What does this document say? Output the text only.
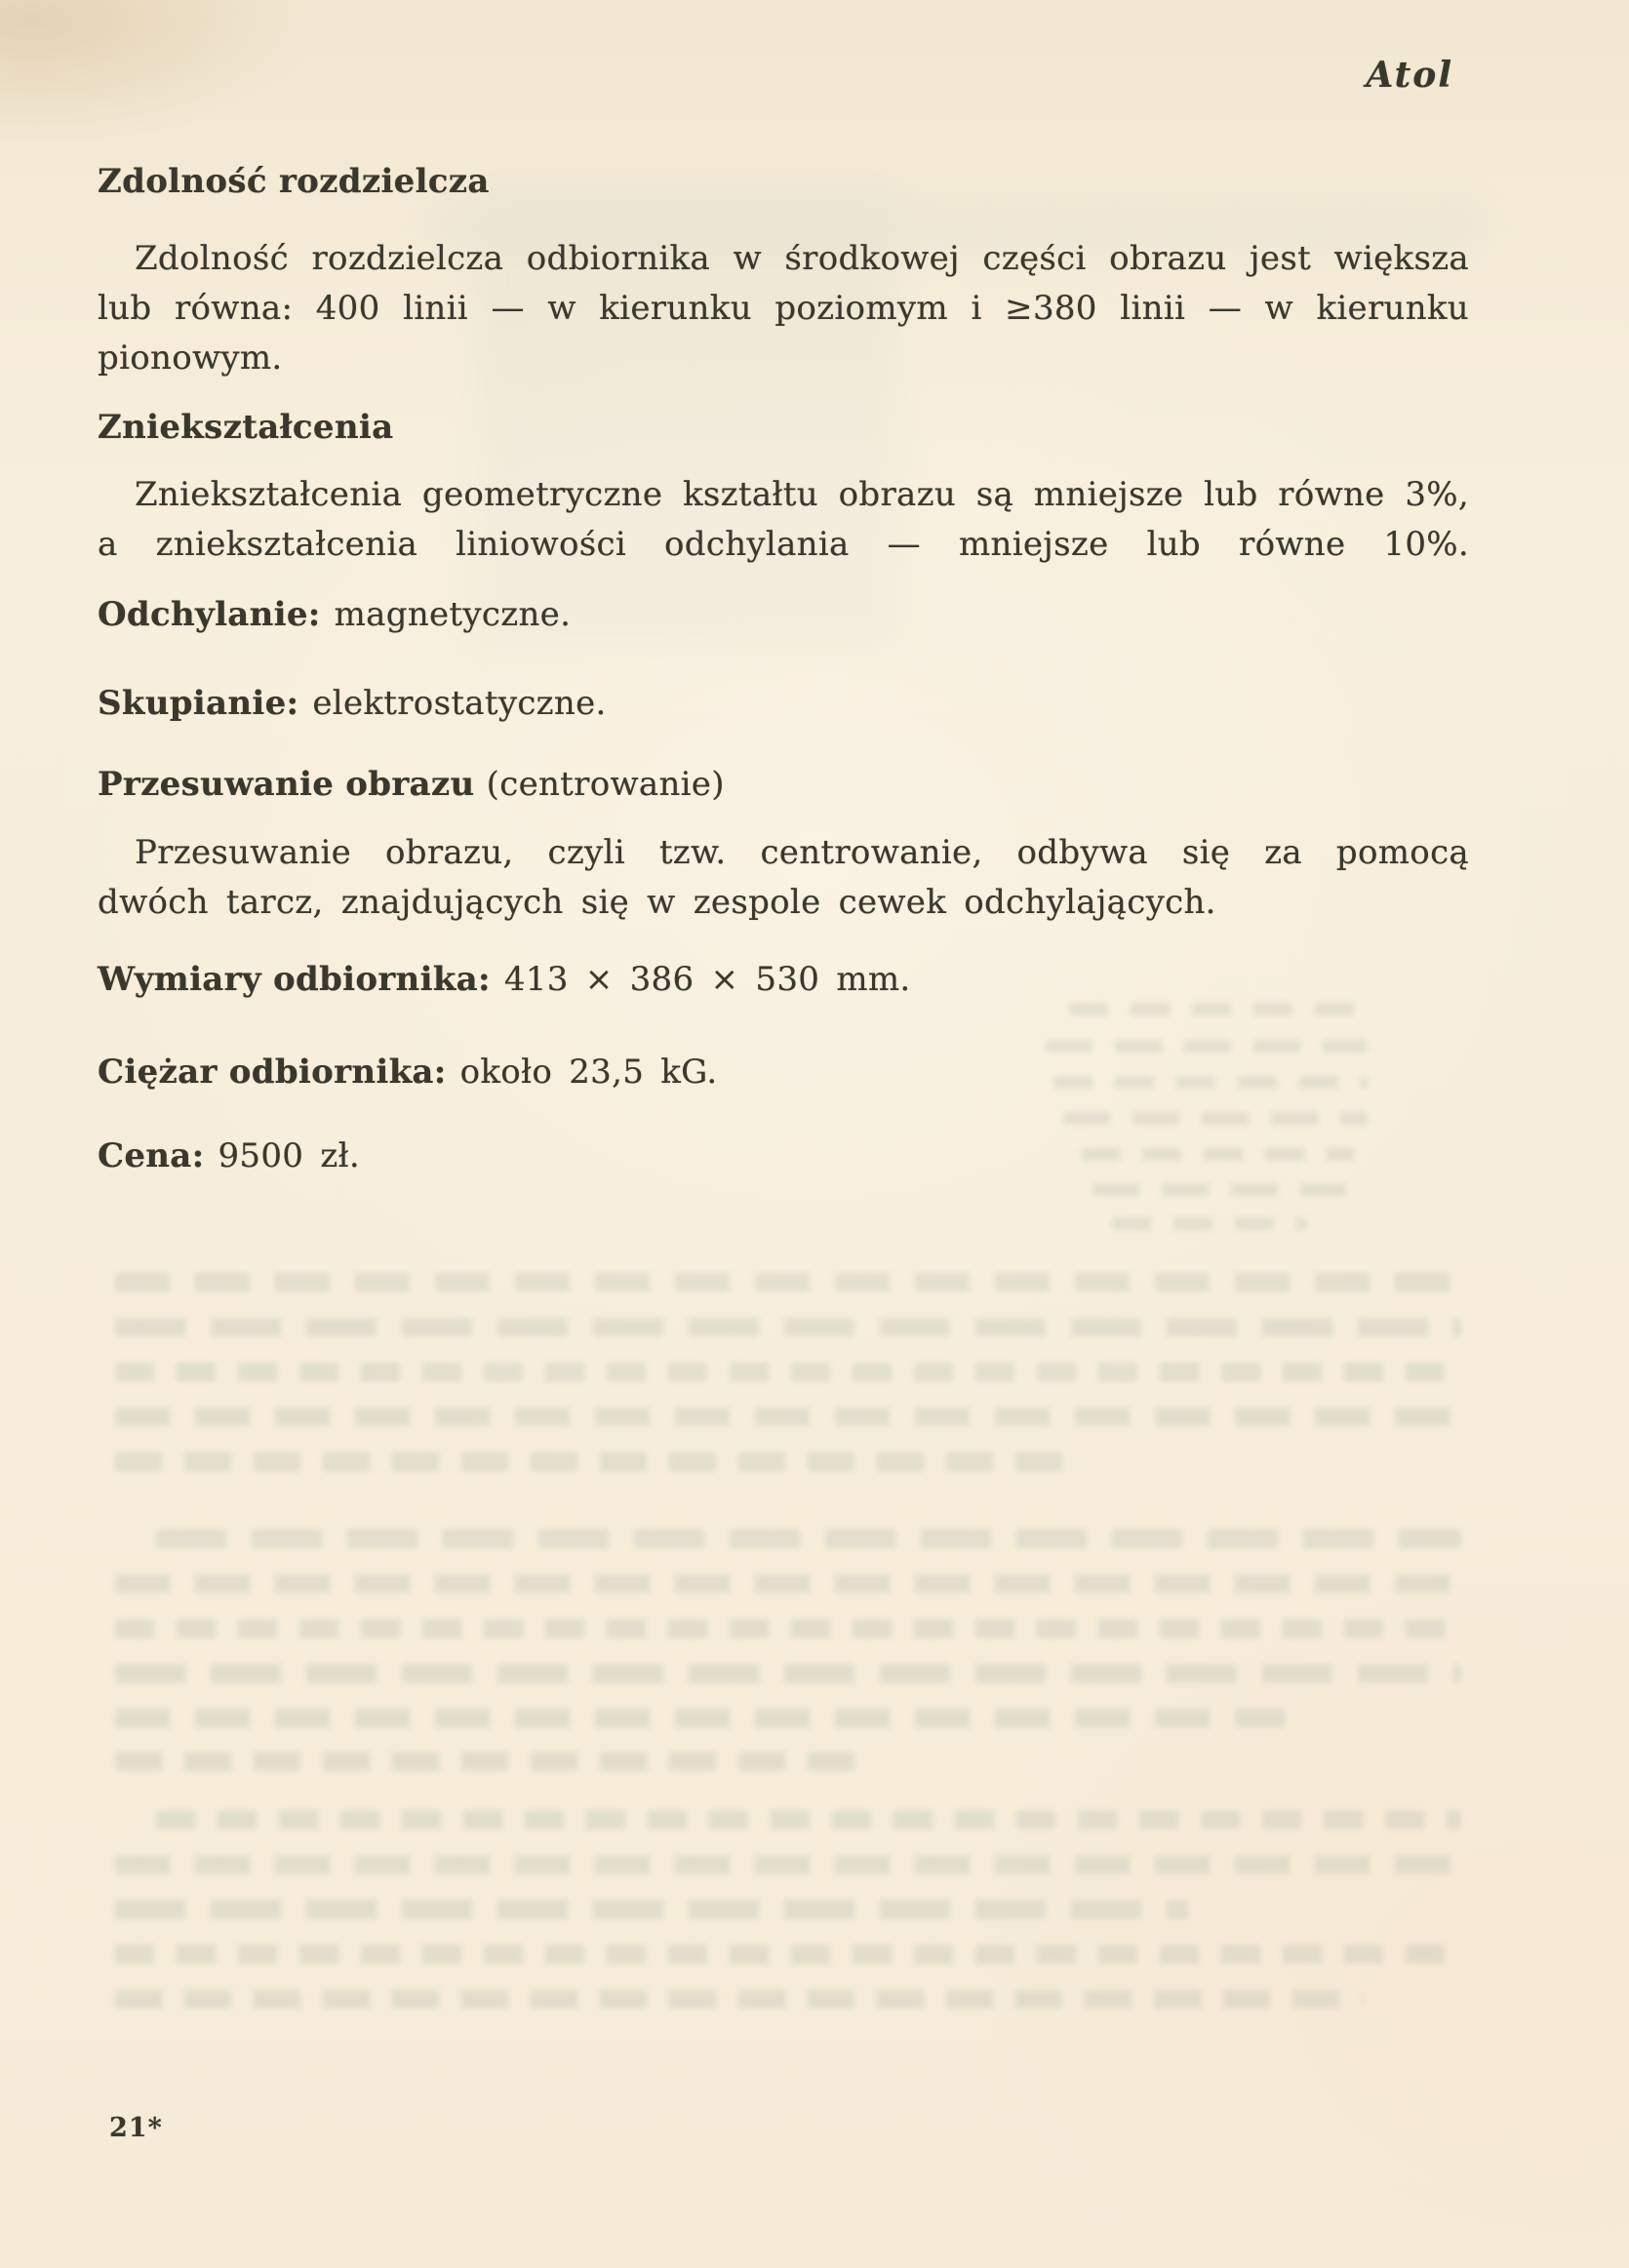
Atol
Zdolność rozdzielcza
Zdolność rozdzielcza odbiornika w środkowej części obrazu jest większa
lub równa: 400 linii — w kierunku poziomym i ≥380 linii — w kierunku
pionowym.
Zniekształcenia
Zniekształcenia geometryczne kształtu obrazu są mniejsze lub równe 3%,
a zniekształcenia liniowości odchylania — mniejsze lub równe 10%.
Odchylanie: magnetyczne.
Skupianie: elektrostatyczne.
Przesuwanie obrazu (centrowanie)
Przesuwanie obrazu, czyli tzw. centrowanie, odbywa się za pomocą
dwóch tarcz, znajdujących się w zespole cewek odchylających.
Wymiary odbiornika: 413 × 386 × 530 mm.
Ciężar odbiornika: około 23,5 kG.
Cena: 9500 zł.
21*
